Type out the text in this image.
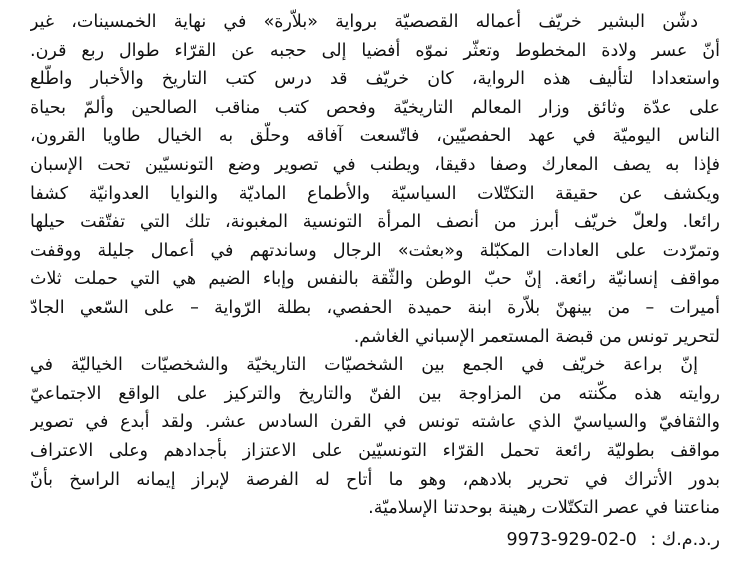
دشّن البشير خريّف أعماله القصصيّة برواية «بلاّرة» في نهاية الخمسينات، غير
أنّ عسر ولادة المخطوط وتعثّر نموّه أفضيا إلى حجبه عن القرّاء طوال ربع قرن.
واستعدادا لتأليف هذه الرواية، كان خريّف قد درس كتب التاريخ والأخبار واطّلع
على عدّة وثائق وزار المعالم التاريخيّة وفحص كتب مناقب الصالحين وألمّ بحياة
الناس اليوميّة في عهد الحفصيّين، فاتّسعت آفاقه وحلّق به الخيال طاويا القرون،
فإذا به يصف المعارك وصفا دقيقا، ويطنب في تصوير وضع التونسيّين تحت الإسبان
ويكشف عن حقيقة التكتّلات السياسيّة والأطماع الماديّة والنوايا العدوانيّة كشفا
رائعا. ولعلّ خريّف أبرز من أنصف المرأة التونسية المغبونة، تلك التي تفتّقت حيلها
وتمرّدت على العادات المكبّلة و«بعثت» الرجال وساندتهم في أعمال جليلة ووقفت
مواقف إنسانيّة رائعة. إنّ حبّ الوطن والثّقة بالنفس وإباء الضيم هي التي حملت ثلاث
أميرات – من بينهنّ بلاّرة ابنة حميدة الحفصي، بطلة الرّواية – على السّعي الجادّ
لتحرير تونس من قبضة المستعمر الإسباني الغاشم.
إنّ براعة خريّف في الجمع بين الشخصيّات التاريخيّة والشخصيّات الخياليّة في
روايته هذه مكّنته من المزاوجة بين الفنّ والتاريخ والتركيز على الواقع الاجتماعيّ
والثقافيّ والسياسيّ الذي عاشته تونس في القرن السادس عشر. ولقد أبدع في تصوير
مواقف بطوليّة رائعة تحمل القرّاء التونسيّين على الاعتزاز بأجدادهم وعلى الاعتراف
بدور الأتراك في تحرير بلادهم، وهو ما أتاح له الفرصة لإبراز إيمانه الراسخ بأنّ
مناعتنا في عصر التكتّلات رهينة بوحدتنا الإسلاميّة.
ر.د.م.ك : 9973-929-02-0
